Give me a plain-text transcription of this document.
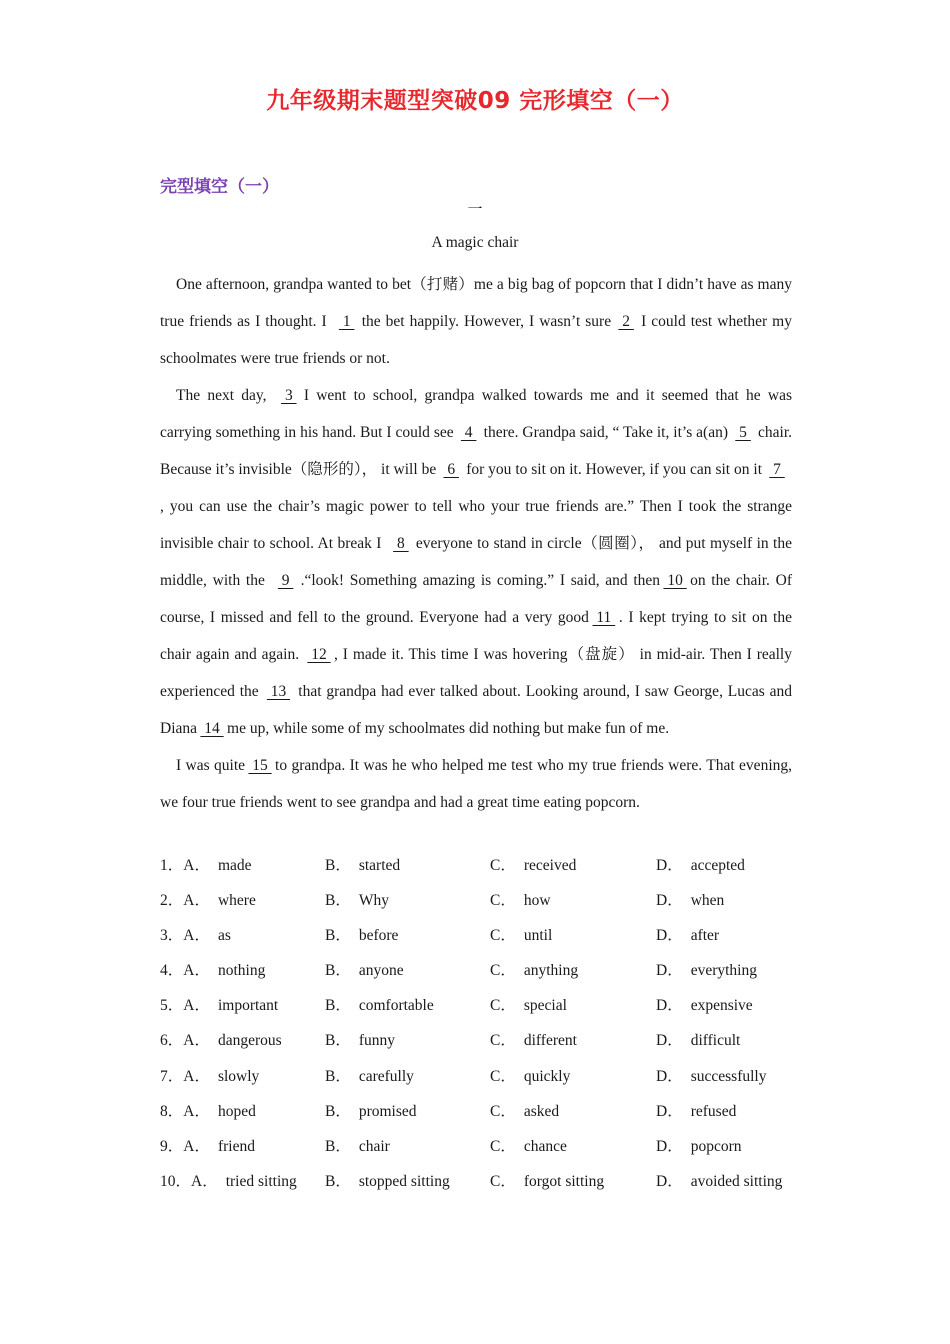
九年级期末题型突破09 完形填空（一）
完型填空（一）
一
A magic chair

One afternoon, grandpa wanted to bet（打赌）me a big bag of popcorn that I didn’t have as many true friends as I thought. I  1 the bet happily. However, I wasn’t sure 2 I could test whether my schoolmates were true friends or not.

The next day,  3 I went to school, grandpa walked towards me and it seemed that he was carrying something in his hand. But I could see 4 there. Grandpa said, “ Take it, it’s a(an) 5 chair. Because it’s invisible（隐形的）， it will be 6 for you to sit on it. However, if you can sit on it 7 , you can use the chair’s magic power to tell who your true friends are.” Then I took the strange invisible chair to school. At break I  8 everyone to stand in circle（圆圈）， and put myself in the middle, with the  9 .“look! Something amazing is coming.” I said, and then 10 on the chair. Of course, I missed and fell to the ground. Everyone had a very good 11 . I kept trying to sit on the chair again and again.  12 , I made it. This time I was hovering（盘旋） in mid-air. Then I really experienced the  13  that grandpa had ever talked about. Looking around, I saw George, Lucas and Diana 14 me up, while some of my schoolmates did nothing but make fun of me.

I was quite 15 to grandpa. It was he who helped me test who my true friends were. That evening, we four true friends went to see grandpa and had a great time eating popcorn.

1．A． made	B． started	C． received	D． accepted
2．A． where	B． Why	C． how	D． when
3．A． as	B． before	C． until	D． after
4．A． nothing	B． anyone	C． anything	D． everything
5．A． important	B． comfortable	C． special	D． expensive
6．A． dangerous	B． funny	C． different	D． difficult
7．A． slowly	B． carefully	C． quickly	D． successfully
8．A． hoped	B． promised	C． asked	D． refused
9．A． friend	B． chair	C． chance	D． popcorn
10．A． tried sitting B． stopped sitting	C． forgot sitting	D． avoided sitting
